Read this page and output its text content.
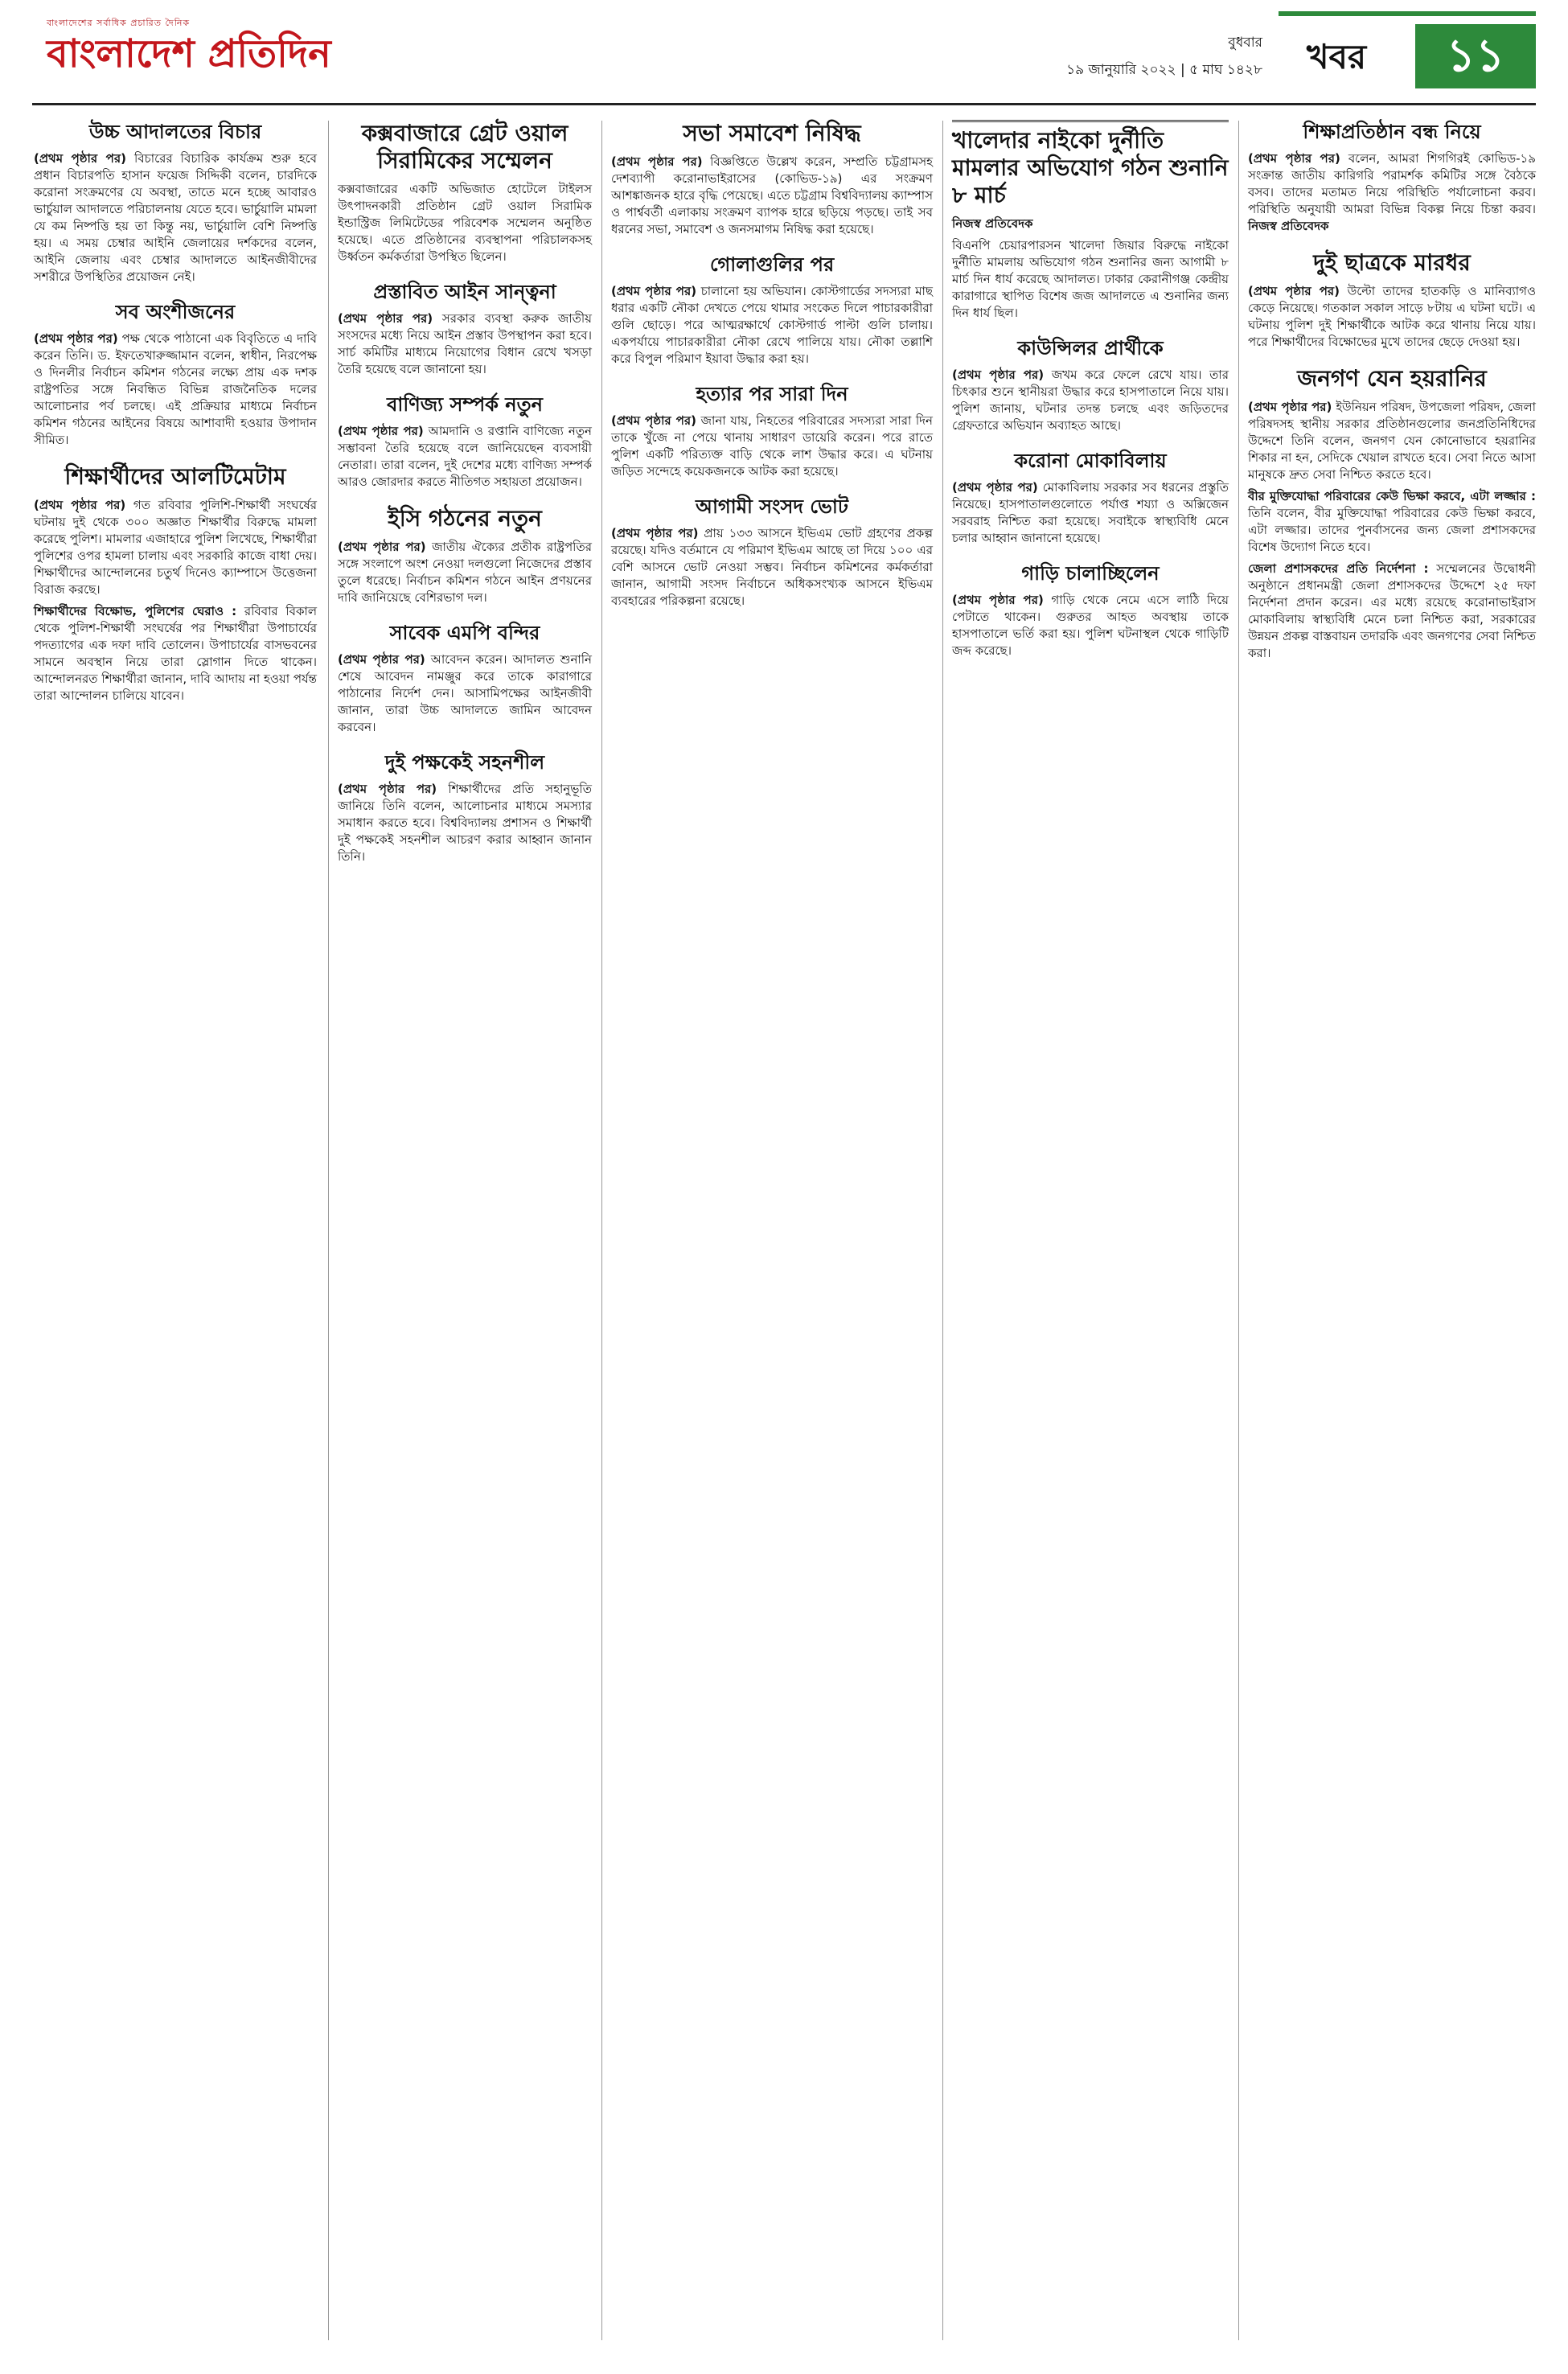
বাংলাদেশের সর্বাধিক প্রচারিত দৈনিক
বাংলাদেশ প্রতিদিন	বুধবার
১৯ জানুয়ারি ২০২২ | ৫ মাঘ ১৪২৮ খবর	১১
উচ্চ আদালতের বিচার

(প্রথম পৃষ্ঠার পর) বিচারের বিচারিক কার্যক্রম শুরু হবে প্রধান বিচারপতি হাসান ফয়েজ সিদ্দিকী বলেন, চারদিকে করোনা সংক্রমণের যে অবস্থা, তাতে মনে হচ্ছে আবারও ভার্চুয়াল আদালতে পরিচালনায় যেতে হবে। ভার্চুয়ালি মামলা যে কম নিষ্পত্তি হয় তা কিন্তু নয়, ভার্চুয়ালি বেশি নিষ্পত্তি হয়। এ সময় চেম্বার আইনি জেলায়ের দৰ্শকদের বলেন, আইনি জেলায় এবং চেম্বার আদালতে আইনজীবীদের সশরীরে উপস্থিতির প্রয়োজন নেই।

সব অংশীজনের

(প্রথম পৃষ্ঠার পর) পক্ষ থেকে পাঠানো এক বিবৃতিতে এ দাবি করেন তিনি। ড. ইফতেখারুজ্জামান বলেন, স্বাধীন, নিরপেক্ষ ও দিনলীর নির্বাচন কমিশন গঠনের লক্ষ্যে প্রায় এক দশক রাষ্ট্রপতির সঙ্গে নিবন্ধিত বিভিন্ন রাজনৈতিক দলের আলোচনার পর্ব চলছে। এই প্রক্রিয়ার মাধ্যমে নির্বাচন কমিশন গঠনের আইনের বিষয়ে আশাবাদী হওয়ার উপাদান সীমিত।

শিক্ষার্থীদের আলটিমেটাম

(প্রথম পৃষ্ঠার পর) গত রবিবার পুলিশি-শিক্ষার্থী সংঘর্ষের ঘটনায় দুই থেকে ৩০০ অজ্ঞাত শিক্ষার্থীর বিরুদ্ধে মামলা করেছে পুলিশ। মামলার এজাহারে পুলিশ লিখেছে, শিক্ষার্থীরা পুলিশের ওপর হামলা চালায় এবং সরকারি কাজে বাধা দেয়। শিক্ষার্থীদের আন্দোলনের চতুর্থ দিনেও ক্যাম্পাসে উত্তেজনা বিরাজ করছে।

শিক্ষার্থীদের বিক্ষোভ, পুলিশের ঘেরাও : রবিবার বিকাল থেকে পুলিশ-শিক্ষার্থী সংঘর্ষের পর শিক্ষার্থীরা উপাচার্যের পদত্যাগের এক দফা দাবি তোলেন। উপাচার্যের বাসভবনের সামনে অবস্থান নিয়ে তারা স্লোগান দিতে থাকেন। আন্দোলনরত শিক্ষার্থীরা জানান, দাবি আদায় না হওয়া পর্যন্ত তারা আন্দোলন চালিয়ে যাবেন।

কক্সবাজারে গ্রেট ওয়াল সিরামিকের সম্মেলন

কক্সবাজারের একটি অভিজাত হোটেলে টাইলস উৎপাদনকারী প্রতিষ্ঠান গ্রেট ওয়াল সিরামিক ইন্ডাস্ট্রিজ লিমিটেডের পরিবেশক সম্মেলন অনুষ্ঠিত হয়েছে। এতে প্রতিষ্ঠানের ব্যবস্থাপনা পরিচালকসহ উর্ধ্বতন কর্মকর্তারা উপস্থিত ছিলেন।

প্রস্তাবিত আইন সান্ত্বনা

(প্রথম পৃষ্ঠার পর) সরকার ব্যবস্থা করুক জাতীয় সংসদের মধ্যে নিয়ে আইন প্রস্তাব উপস্থাপন করা হবে। সার্চ কমিটির মাধ্যমে নিয়োগের বিধান রেখে খসড়া তৈরি হয়েছে বলে জানানো হয়।

বাণিজ্য সম্পর্ক নতুন

(প্রথম পৃষ্ঠার পর) আমদানি ও রপ্তানি বাণিজ্যে নতুন সম্ভাবনা তৈরি হয়েছে বলে জানিয়েছেন ব্যবসায়ী নেতারা। তারা বলেন, দুই দেশের মধ্যে বাণিজ্য সম্পর্ক আরও জোরদার করতে নীতিগত সহায়তা প্রয়োজন।

ইসি গঠনের নতুন

(প্রথম পৃষ্ঠার পর) জাতীয় ঐক্যের প্রতীক রাষ্ট্রপতির সঙ্গে সংলাপে অংশ নেওয়া দলগুলো নিজেদের প্রস্তাব তুলে ধরেছে। নির্বাচন কমিশন গঠনে আইন প্রণয়নের দাবি জানিয়েছে বেশিরভাগ দল।

সাবেক এমপি বন্দির

(প্রথম পৃষ্ঠার পর) আবেদন করেন। আদালত শুনানি শেষে আবেদন নামঞ্জুর করে তাকে কারাগারে পাঠানোর নির্দেশ দেন। আসামিপক্ষের আইনজীবী জানান, তারা উচ্চ আদালতে জামিন আবেদন করবেন।

দুই পক্ষকেই সহনশীল

(প্রথম পৃষ্ঠার পর) শিক্ষার্থীদের প্রতি সহানুভূতি জানিয়ে তিনি বলেন, আলোচনার মাধ্যমে সমস্যার সমাধান করতে হবে। বিশ্ববিদ্যালয় প্রশাসন ও শিক্ষার্থী দুই পক্ষকেই সহনশীল আচরণ করার আহ্বান জানান তিনি।

সভা সমাবেশ নিষিদ্ধ

(প্রথম পৃষ্ঠার পর) বিজ্ঞপ্তিতে উল্লেখ করেন, সম্প্রতি চট্টগ্রামসহ দেশব্যাপী করোনাভাইরাসের (কোভিড-১৯) এর সংক্রমণ আশঙ্কাজনক হারে বৃদ্ধি পেয়েছে। এতে চট্টগ্রাম বিশ্ববিদ্যালয় ক্যাম্পাস ও পার্শ্ববর্তী এলাকায় সংক্রমণ ব্যাপক হারে ছড়িয়ে পড়ছে। তাই সব ধরনের সভা, সমাবেশ ও জনসমাগম নিষিদ্ধ করা হয়েছে।

গোলাগুলির পর

(প্রথম পৃষ্ঠার পর) চালানো হয় অভিযান। কোস্টগার্ডের সদস্যরা মাছ ধরার একটি নৌকা দেখতে পেয়ে থামার সংকেত দিলে পাচারকারীরা গুলি ছোড়ে। পরে আত্মরক্ষার্থে কোস্টগার্ড পাল্টা গুলি চালায়। একপর্যায়ে পাচারকারীরা নৌকা রেখে পালিয়ে যায়। নৌকা তল্লাশি করে বিপুল পরিমাণ ইয়াবা উদ্ধার করা হয়।

হত্যার পর সারা দিন

(প্রথম পৃষ্ঠার পর) জানা যায়, নিহতের পরিবারের সদস্যরা সারা দিন তাকে খুঁজে না পেয়ে থানায় সাধারণ ডায়েরি করেন। পরে রাতে পুলিশ একটি পরিত্যক্ত বাড়ি থেকে লাশ উদ্ধার করে। এ ঘটনায় জড়িত সন্দেহে কয়েকজনকে আটক করা হয়েছে।

আগামী সংসদ ভোট

(প্রথম পৃষ্ঠার পর) প্রায় ১৩৩ আসনে ইভিএম ভোট গ্রহণের প্রকল্প রয়েছে। যদিও বর্তমানে যে পরিমাণ ইভিএম আছে তা দিয়ে ১০০ এর বেশি আসনে ভোট নেওয়া সম্ভব। নির্বাচন কমিশনের কর্মকর্তারা জানান, আগামী সংসদ নির্বাচনে অধিকসংখ্যক আসনে ইভিএম ব্যবহারের পরিকল্পনা রয়েছে।

খালেদার নাইকো দুর্নীতি মামলার অভিযোগ গঠন শুনানি ৮ মার্চ
নিজস্ব প্রতিবেদক

বিএনপি চেয়ারপারসন খালেদা জিয়ার বিরুদ্ধে নাইকো দুর্নীতি মামলায় অভিযোগ গঠন শুনানির জন্য আগামী ৮ মার্চ দিন ধার্য করেছে আদালত। ঢাকার কেরানীগঞ্জ কেন্দ্রীয় কারাগারে স্থাপিত বিশেষ জজ আদালতে এ শুনানির জন্য দিন ধার্য ছিল।

কাউন্সিলর প্রার্থীকে

(প্রথম পৃষ্ঠার পর) জখম করে ফেলে রেখে যায়। তার চিৎকার শুনে স্থানীয়রা উদ্ধার করে হাসপাতালে নিয়ে যায়। পুলিশ জানায়, ঘটনার তদন্ত চলছে এবং জড়িতদের গ্রেফতারে অভিযান অব্যাহত আছে।

করোনা মোকাবিলায়

(প্রথম পৃষ্ঠার পর) মোকাবিলায় সরকার সব ধরনের প্রস্তুতি নিয়েছে। হাসপাতালগুলোতে পর্যাপ্ত শয্যা ও অক্সিজেন সরবরাহ নিশ্চিত করা হয়েছে। সবাইকে স্বাস্থ্যবিধি মেনে চলার আহ্বান জানানো হয়েছে।

গাড়ি চালাচ্ছিলেন

(প্রথম পৃষ্ঠার পর) গাড়ি থেকে নেমে এসে লাঠি দিয়ে পেটাতে থাকেন। গুরুতর আহত অবস্থায় তাকে হাসপাতালে ভর্তি করা হয়। পুলিশ ঘটনাস্থল থেকে গাড়িটি জব্দ করেছে।

শিক্ষাপ্রতিষ্ঠান বন্ধ নিয়ে

(প্রথম পৃষ্ঠার পর) বলেন, আমরা শিগগিরই কোভিড-১৯ সংক্রান্ত জাতীয় কারিগরি পরামর্শক কমিটির সঙ্গে বৈঠকে বসব। তাদের মতামত নিয়ে পরিস্থিতি পর্যালোচনা করব। পরিস্থিতি অনুযায়ী আমরা বিভিন্ন বিকল্প নিয়ে চিন্তা করব। নিজস্ব প্রতিবেদক

দুই ছাত্রকে মারধর

(প্রথম পৃষ্ঠার পর) উল্টো তাদের হাতকড়ি ও মানিব্যাগও কেড়ে নিয়েছে। গতকাল সকাল সাড়ে ৮টায় এ ঘটনা ঘটে। এ ঘটনায় পুলিশ দুই শিক্ষার্থীকে আটক করে থানায় নিয়ে যায়। পরে শিক্ষার্থীদের বিক্ষোভের মুখে তাদের ছেড়ে দেওয়া হয়।

জনগণ যেন হয়রানির

(প্রথম পৃষ্ঠার পর) ইউনিয়ন পরিষদ, উপজেলা পরিষদ, জেলা পরিষদসহ স্থানীয় সরকার প্রতিষ্ঠানগুলোর জনপ্রতিনিধিদের উদ্দেশে তিনি বলেন, জনগণ যেন কোনোভাবে হয়রানির শিকার না হন, সেদিকে খেয়াল রাখতে হবে। সেবা নিতে আসা মানুষকে দ্রুত সেবা নিশ্চিত করতে হবে।

বীর মুক্তিযোদ্ধা পরিবারের কেউ ভিক্ষা করবে, এটা লজ্জার : তিনি বলেন, বীর মুক্তিযোদ্ধা পরিবারের কেউ ভিক্ষা করবে, এটা লজ্জার। তাদের পুনর্বাসনের জন্য জেলা প্রশাসকদের বিশেষ উদ্যোগ নিতে হবে।

জেলা প্রশাসকদের প্রতি নির্দেশনা : সম্মেলনের উদ্বোধনী অনুষ্ঠানে প্রধানমন্ত্রী জেলা প্রশাসকদের উদ্দেশে ২৫ দফা নির্দেশনা প্রদান করেন। এর মধ্যে রয়েছে করোনাভাইরাস মোকাবিলায় স্বাস্থ্যবিধি মেনে চলা নিশ্চিত করা, সরকারের উন্নয়ন প্রকল্প বাস্তবায়ন তদারকি এবং জনগণের সেবা নিশ্চিত করা।
